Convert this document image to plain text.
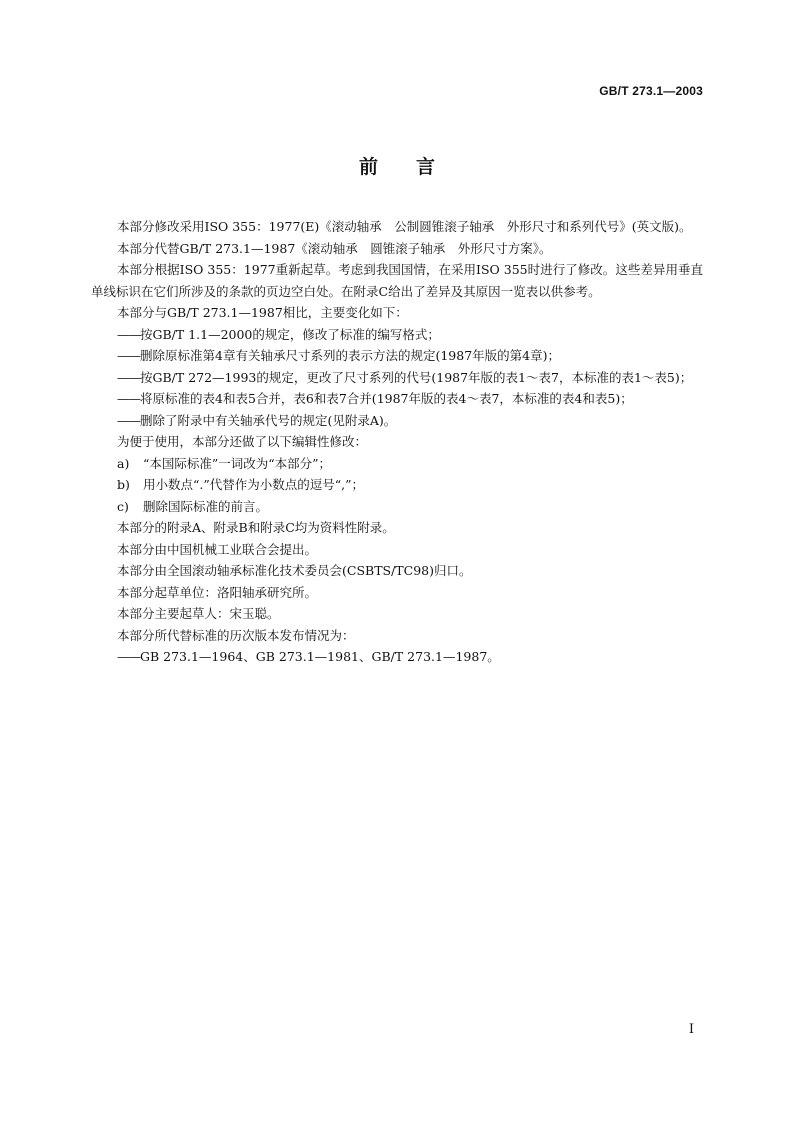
GB/T 273.1—2003
前言

本部分修改采用ISO 355：1977(E)《滚动轴承　公制圆锥滚子轴承　外形尺寸和系列代号》(英文版)。

本部分代替GB/T 273.1—1987《滚动轴承　圆锥滚子轴承　外形尺寸方案》。

本部分根据ISO 355：1977重新起草。考虑到我国国情，在采用ISO 355时进行了修改。这些差异用垂直单线标识在它们所涉及的条款的页边空白处。在附录C给出了差异及其原因一览表以供参考。

本部分与GB/T 273.1—1987相比，主要变化如下：

——按GB/T 1.1—2000的规定，修改了标准的编写格式；

——删除原标准第4章有关轴承尺寸系列的表示方法的规定(1987年版的第4章)；

——按GB/T 272—1993的规定，更改了尺寸系列的代号(1987年版的表1～表7，本标准的表1～表5)；

——将原标准的表4和表5合并，表6和表7合并(1987年版的表4～表7，本标准的表4和表5)；

——删除了附录中有关轴承代号的规定(见附录A)。

为便于使用，本部分还做了以下编辑性修改：

a) “本国际标准”一词改为“本部分”；

b) 用小数点“.”代替作为小数点的逗号“,”；

c) 删除国际标准的前言。

本部分的附录A、附录B和附录C均为资料性附录。

本部分由中国机械工业联合会提出。

本部分由全国滚动轴承标准化技术委员会(CSBTS/TC98)归口。

本部分起草单位：洛阳轴承研究所。

本部分主要起草人：宋玉聪。

本部分所代替标准的历次版本发布情况为：

——GB 273.1—1964、GB 273.1—1981、GB/T 273.1—1987。

I
